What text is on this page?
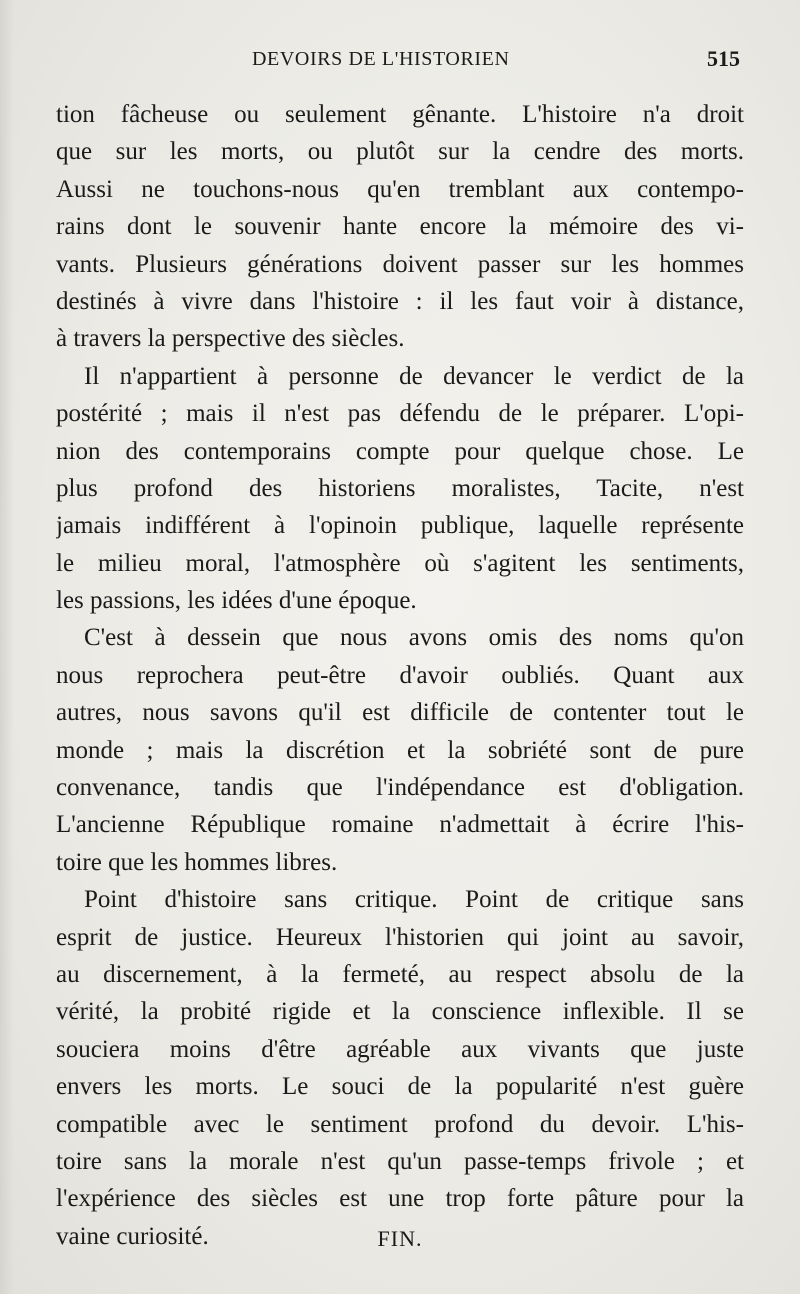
DEVOIRS DE L'HISTORIEN	515
tion fâcheuse ou seulement gênante. L'histoire n'a droit
que sur les morts, ou plutôt sur la cendre des morts.
Aussi ne touchons-nous qu'en tremblant aux contempo-
rains dont le souvenir hante encore la mémoire des vi-
vants. Plusieurs générations doivent passer sur les hommes
destinés à vivre dans l'histoire : il les faut voir à distance,
à travers la perspective des siècles.
Il n'appartient à personne de devancer le verdict de la
postérité ; mais il n'est pas défendu de le préparer. L'opi-
nion des contemporains compte pour quelque chose. Le
plus profond des historiens moralistes, Tacite, n'est
jamais indifférent à l'opinoin publique, laquelle représente
le milieu moral, l'atmosphère où s'agitent les sentiments,
les passions, les idées d'une époque.
C'est à dessein que nous avons omis des noms qu'on
nous reprochera peut-être d'avoir oubliés. Quant aux
autres, nous savons qu'il est difficile de contenter tout le
monde ; mais la discrétion et la sobriété sont de pure
convenance, tandis que l'indépendance est d'obligation.
L'ancienne République romaine n'admettait à écrire l'his-
toire que les hommes libres.
Point d'histoire sans critique. Point de critique sans
esprit de justice. Heureux l'historien qui joint au savoir,
au discernement, à la fermeté, au respect absolu de la
vérité, la probité rigide et la conscience inflexible. Il se
souciera moins d'être agréable aux vivants que juste
envers les morts. Le souci de la popularité n'est guère
compatible avec le sentiment profond du devoir. L'his-
toire sans la morale n'est qu'un passe-temps frivole ; et
l'expérience des siècles est une trop forte pâture pour la
vaine curiosité.	FIN.
